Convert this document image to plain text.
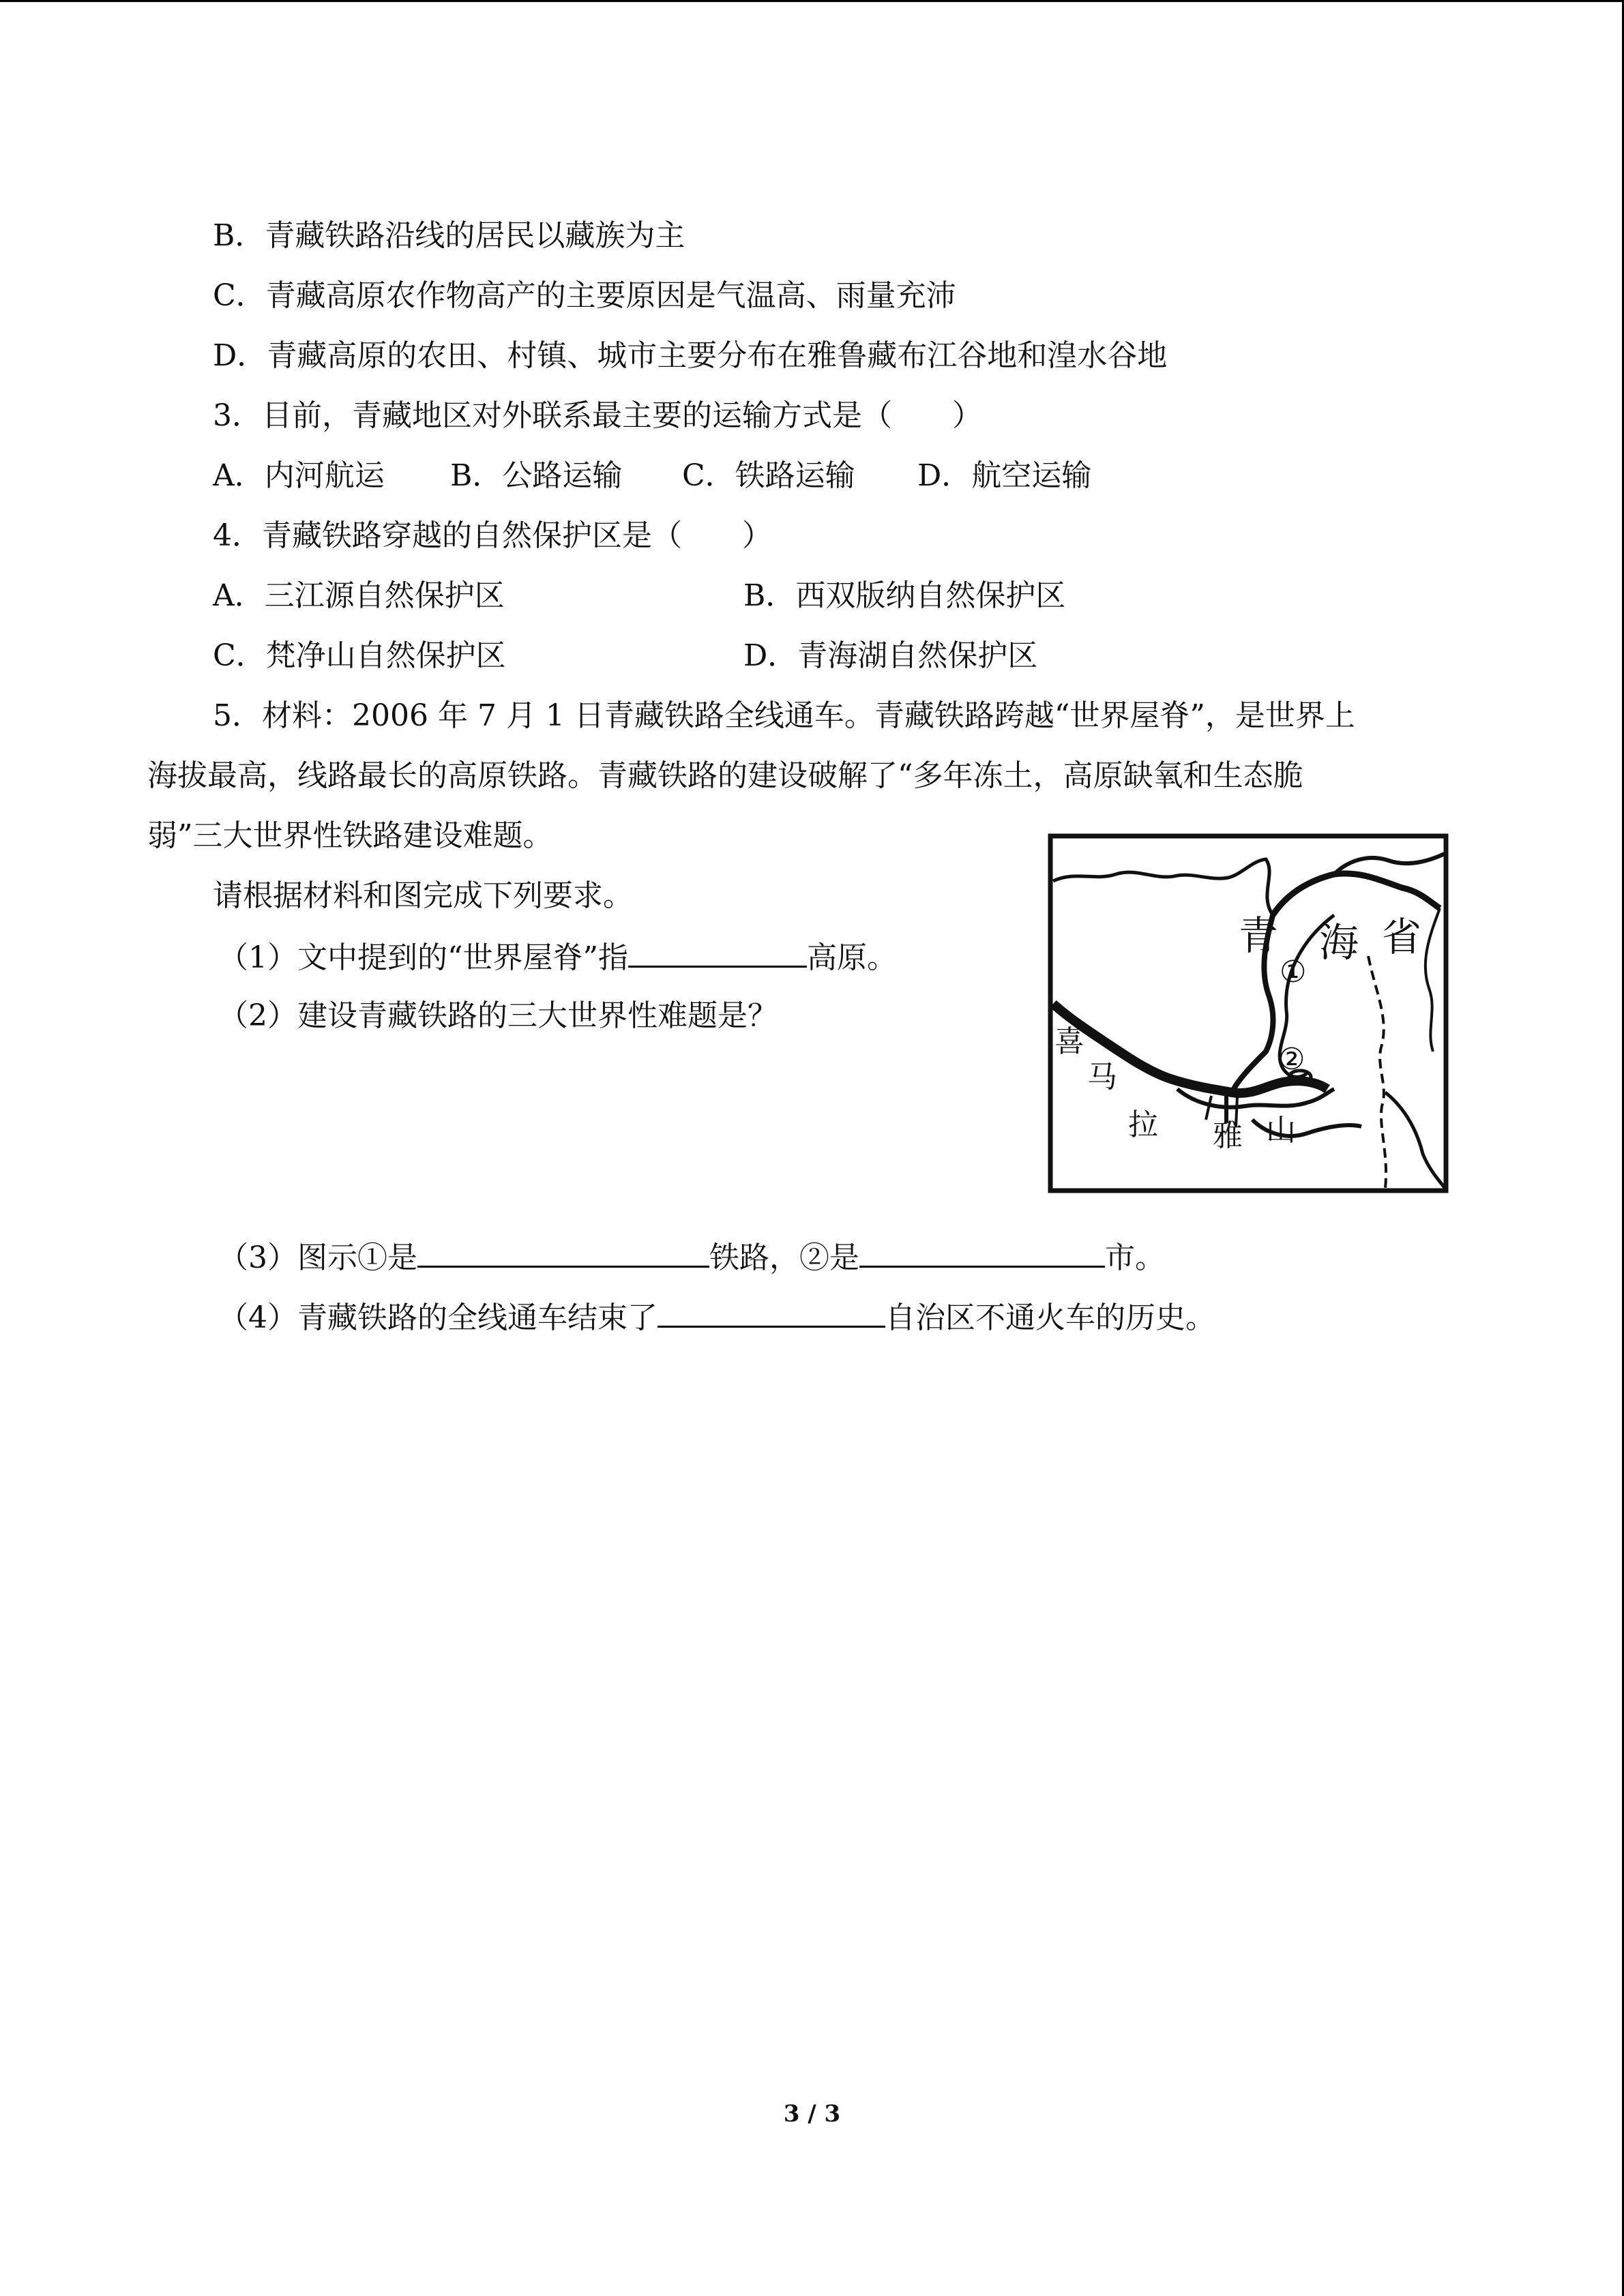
B．青藏铁路沿线的居民以藏族为主
C．青藏高原农作物高产的主要原因是气温高、雨量充沛
D．青藏高原的农田、村镇、城市主要分布在雅鲁藏布江谷地和湟水谷地
3．目前，青藏地区对外联系最主要的运输方式是（　　）
A．内河航运 B．公路运输 C．铁路运输 D．航空运输
4．青藏铁路穿越的自然保护区是（　　）
A．三江源自然保护区	B．西双版纳自然保护区
C．梵净山自然保护区	D．青海湖自然保护区
5．材料：2006 年 7 月 1 日青藏铁路全线通车。青藏铁路跨越“世界屋脊”，是世界上
海拔最高，线路最长的高原铁路。青藏铁路的建设破解了“多年冻土，高原缺氧和生态脆
弱”三大世界性铁路建设难题。
请根据材料和图完成下列要求。
（1）文中提到的“世界屋脊”指	高原。
（2）建设青藏铁路的三大世界性难题是？
青 海 省
①
②
喜
马
拉 雅 山
（3）图示①是	铁路，②是	市。
（4）青藏铁路的全线通车结束了	自治区不通火车的历史。
3 / 3
